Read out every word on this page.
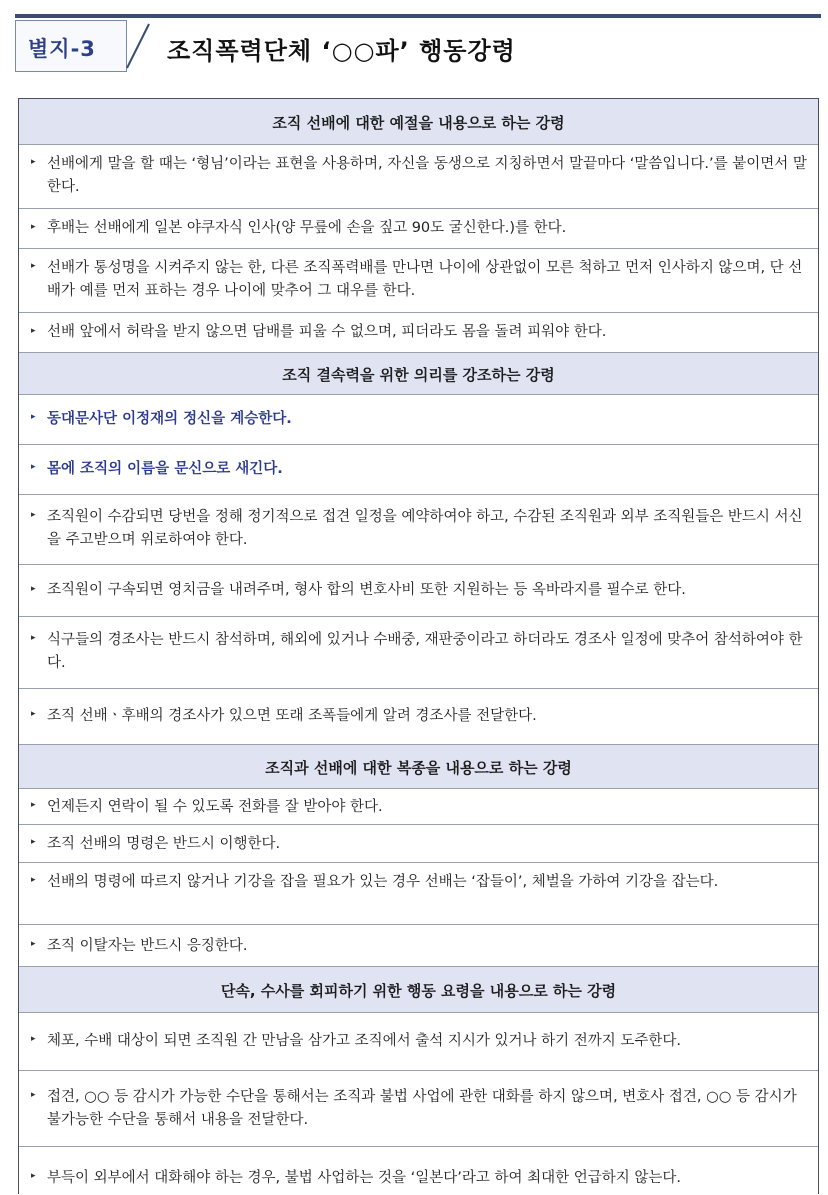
별지-3	조직폭력단체 ‘○○파’ 행동강령
조직 선배에 대한 예절을 내용으로 하는 강령
▸ 선배에게 말을 할 때는 ‘형님’이라는 표현을 사용하며, 자신을 동생으로 지칭하면서 말끝마다 ‘말씀입니다.’를 붙이면서 말한다.
▸ 후배는 선배에게 일본 야쿠자식 인사(양 무릎에 손을 짚고 90도 굴신한다.)를 한다.
▸ 선배가 통성명을 시켜주지 않는 한, 다른 조직폭력배를 만나면 나이에 상관없이 모른 척하고 먼저 인사하지 않으며, 단 선배가 예를 먼저 표하는 경우 나이에 맞추어 그 대우를 한다.
▸ 선배 앞에서 허락을 받지 않으면 담배를 피울 수 없으며, 피더라도 몸을 돌려 피워야 한다.
조직 결속력을 위한 의리를 강조하는 강령
▸ 동대문사단 이정재의 정신을 계승한다.
▸ 몸에 조직의 이름을 문신으로 새긴다.
▸ 조직원이 수감되면 당번을 정해 정기적으로 접견 일정을 예약하여야 하고, 수감된 조직원과 외부 조직원들은 반드시 서신을 주고받으며 위로하여야 한다.
▸ 조직원이 구속되면 영치금을 내려주며, 형사 합의 변호사비 또한 지원하는 등 옥바라지를 필수로 한다.
▸ 식구들의 경조사는 반드시 참석하며, 해외에 있거나 수배중, 재판중이라고 하더라도 경조사 일정에 맞추어 참석하여야 한다.
▸ 조직 선배ㆍ후배의 경조사가 있으면 또래 조폭들에게 알려 경조사를 전달한다.
조직과 선배에 대한 복종을 내용으로 하는 강령
▸ 언제든지 연락이 될 수 있도록 전화를 잘 받아야 한다.
▸ 조직 선배의 명령은 반드시 이행한다.
▸ 선배의 명령에 따르지 않거나 기강을 잡을 필요가 있는 경우 선배는 ‘잡들이’, 체벌을 가하여 기강을 잡는다.
▸ 조직 이탈자는 반드시 응징한다.
단속, 수사를 회피하기 위한 행동 요령을 내용으로 하는 강령
▸ 체포, 수배 대상이 되면 조직원 간 만남을 삼가고 조직에서 출석 지시가 있거나 하기 전까지 도주한다.
▸ 접견, ○○ 등 감시가 가능한 수단을 통해서는 조직과 불법 사업에 관한 대화를 하지 않으며, 변호사 접견, ○○ 등 감시가 불가능한 수단을 통해서 내용을 전달한다.
▸ 부득이 외부에서 대화해야 하는 경우, 불법 사업하는 것을 ‘일본다’라고 하여 최대한 언급하지 않는다.
